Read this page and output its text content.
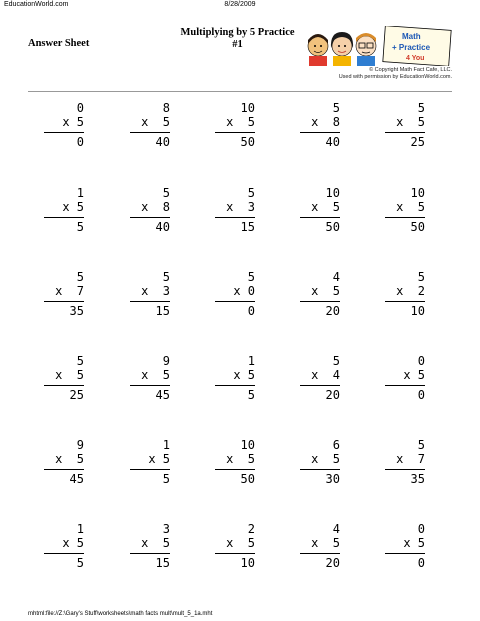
EducationWorld.com	8/28/2009
Answer Sheet
Multiplying by 5 Practice
#1
Math
+ Practice
4 You
© Copyright Math Fact Cafe, LLC.
Used with permission by EducationWorld.com.
0
x 5
0
8
x  5
40
10
x  5
50
5
x  8
40
5
x  5
25
1
x 5
5
5
x  8
40
5
x  3
15
10
x  5
50
10
x  5
50
5
x  7
35
5
x  3
15
5
x 0
0
4
x  5
20
5
x  2
10
5
x  5
25
9
x  5
45
1
x 5
5
5
x  4
20
0
x 5
0
9
x  5
45
1
x 5
5
10
x  5
50
6
x  5
30
5
x  7
35
1
x 5
5
3
x  5
15
2
x  5
10
4
x  5
20
0
x 5
0
mhtml:file://Z:\Gary's Stuff\worksheets\math facts mult\mult_5_1a.mht
